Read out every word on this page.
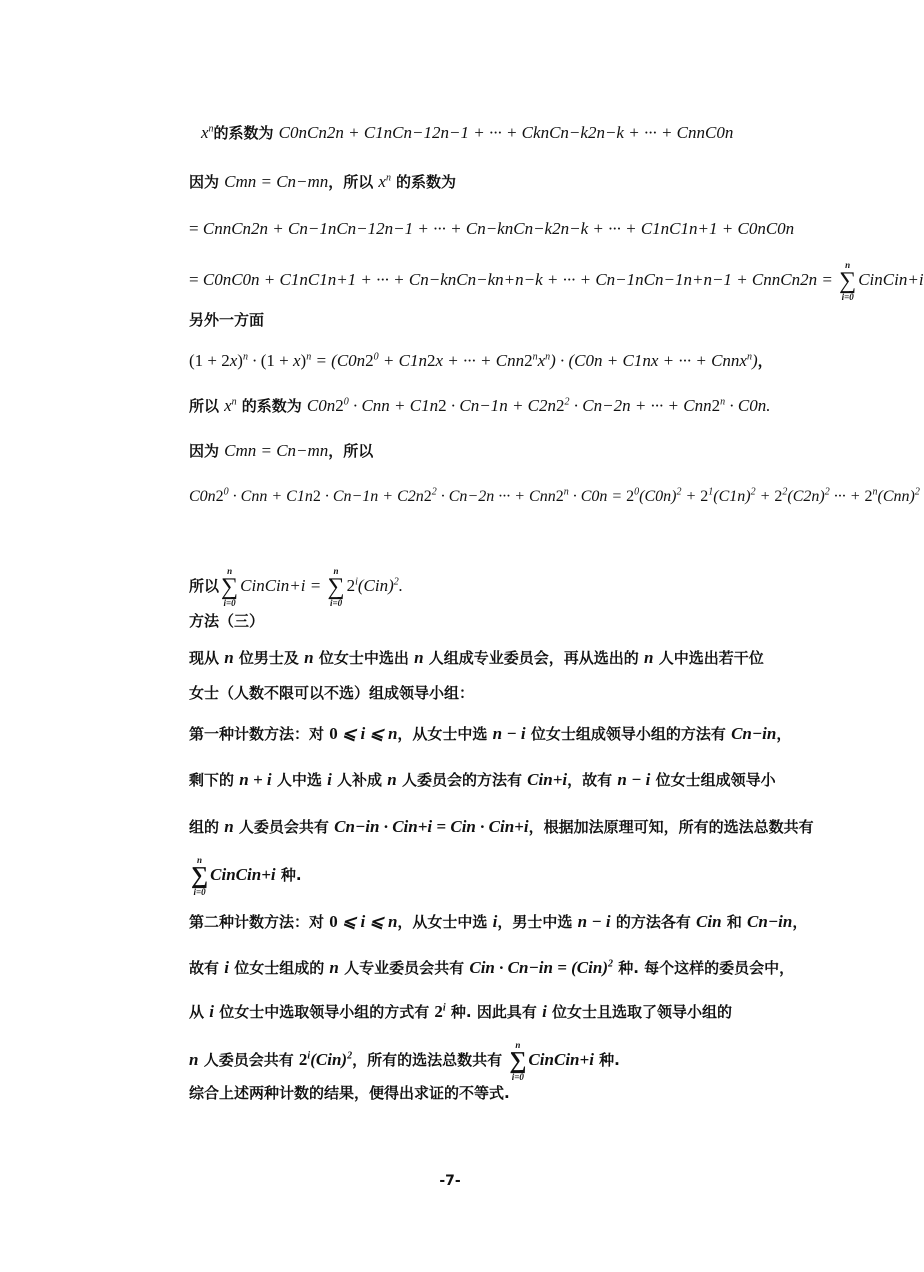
$x^n$的系数为 C0nCn2n + C1nCn−12n−1 + ··· + CknCn−k2n−k + ··· + CnnC0n
因为 Cmn = Cn−mn，所以 $x^n$ 的系数为
= CnnCn2n + Cn−1nCn−12n−1 + ··· + Cn−knCn−k2n−k + ··· + C1nC1n+1 + C0nC0n
= C0nC0n + C1nC1n+1 + ··· + Cn−knCn−kn+n−k + ··· + Cn−1nCn−1n+n−1 + CnnCn2n =
n
∑
i=0
CinCin+i
另外一方面
$(1 + 2x)^n \cdot (1 + x)^n = (C0n2^0 + C1n2x$ + ··· + $Cnn2^nx^n) \cdot (C0n + C1nx$ + ··· + Cnnx$^n$)，
所以 $x^n$ 的系数为 $C0n2^0$ · Cnn + $C1n2 \cdot Cn-1n + C2n2^2 \cdot Cn-2n$ + ··· + $Cnn2^n \cdot C0n$.
因为 Cmn = Cn−mn，所以
$C0n2^0$ · Cnn + $C1n2 \cdot Cn-1n + C2n2^2 \cdot Cn-2n$ ··· + $Cnn2^n \cdot C0n = 2^0(C0n)^2 + 2^1(C1n)^2 + 2^2(C2n)^2$ ··· + $2^n(Cnn)^2$
所以
n
∑
i=0
CinCin+i =
n
∑
i=0
2$^i$(Cin)$^2$.
方法（三）
现从 n 位男士及 n 位女士中选出 n 人组成专业委员会，再从选出的 n 人中选出若干位
女士（人数不限可以不选）组成领导小组：
第一种计数方法：对 0 ⩽ i ⩽ n，从女士中选 n − i 位女士组成领导小组的方法有 Cn−in，
剩下的 n + i 人中选 i 人补成 n 人委员会的方法有 Cin+i，故有 n − i 位女士组成领导小
组的 n 人委员会共有 Cn−in · Cin+i = Cin · Cin+i，根据加法原理可知，所有的选法总数共有
n
∑
i=0
CinCin+i 种.
第二种计数方法：对 0 ⩽ i ⩽ n，从女士中选 i，男士中选 n − i 的方法各有 Cin 和 Cn−in，
故有 i 位女士组成的 n 人专业委员会共有 Cin · Cn−in = (Cin)$^2$ 种. 每个这样的委员会中，
从 i 位女士中选取领导小组的方式有 2$^i$ 种. 因此具有 i 位女士且选取了领导小组的
n 人委员会共有 2$^i$(Cin)$^2$，所有的选法总数共有
n
∑
i=0
CinCin+i 种.
综合上述两种计数的结果，便得出求证的不等式.
-7-
